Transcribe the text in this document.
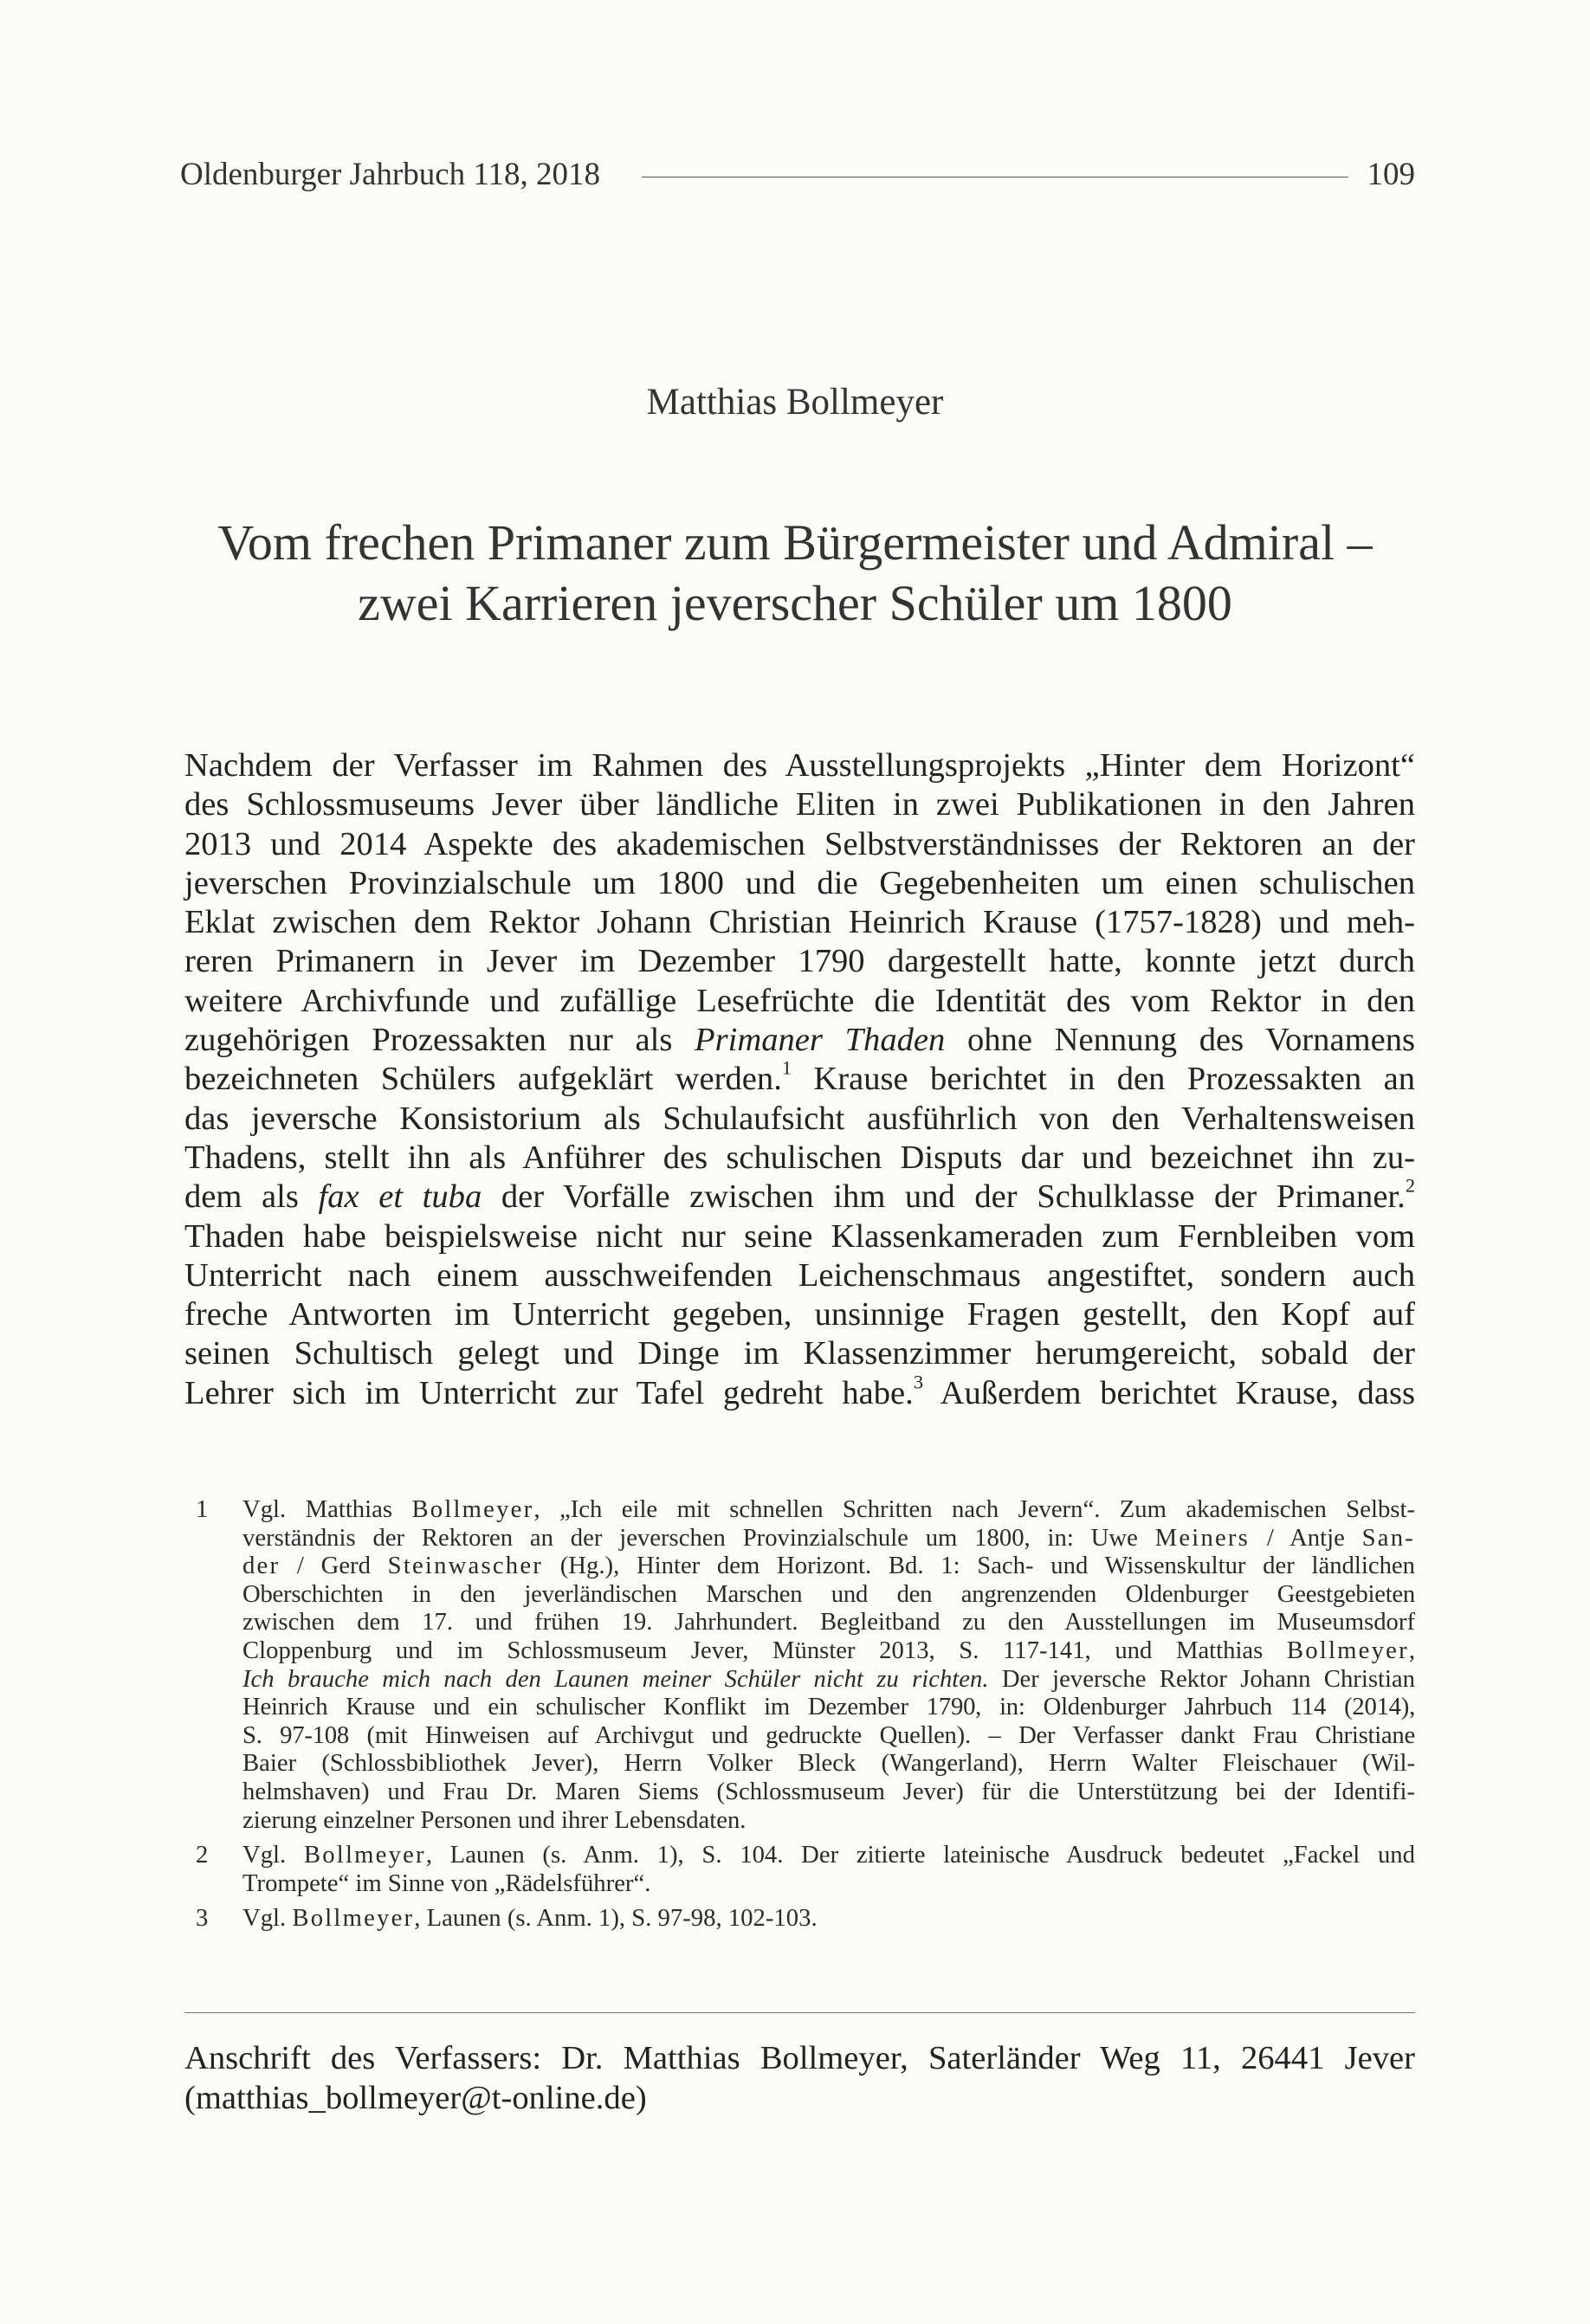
Oldenburger Jahrbuch 118, 2018	109
Matthias Bollmeyer
Vom frechen Primaner zum Bürgermeister und Admiral –
zwei Karrieren jeverscher Schüler um 1800
Nachdem der Verfasser im Rahmen des Ausstellungsprojekts „Hinter dem Horizont“
des Schlossmuseums Jever über ländliche Eliten in zwei Publikationen in den Jahren
2013 und 2014 Aspekte des akademischen Selbstverständnisses der Rektoren an der
jeverschen Provinzialschule um 1800 und die Gegebenheiten um einen schulischen
Eklat zwischen dem Rektor Johann Christian Heinrich Krause (1757-1828) und meh-
reren Primanern in Jever im Dezember 1790 dargestellt hatte, konnte jetzt durch
weitere Archivfunde und zufällige Lesefrüchte die Identität des vom Rektor in den
zugehörigen Prozessakten nur als Primaner Thaden ohne Nennung des Vornamens
bezeichneten Schülers aufgeklärt werden.$^1$ Krause berichtet in den Prozessakten an
das jeversche Konsistorium als Schulaufsicht ausführlich von den Verhaltensweisen
Thadens, stellt ihn als Anführer des schulischen Disputs dar und bezeichnet ihn zu-
dem als fax et tuba der Vorfälle zwischen ihm und der Schulklasse der Primaner.$^2$
Thaden habe beispielsweise nicht nur seine Klassenkameraden zum Fernbleiben vom
Unterricht nach einem ausschweifenden Leichenschmaus angestiftet, sondern auch
freche Antworten im Unterricht gegeben, unsinnige Fragen gestellt, den Kopf auf
seinen Schultisch gelegt und Dinge im Klassenzimmer herumgereicht, sobald der
Lehrer sich im Unterricht zur Tafel gedreht habe.$^3$ Außerdem berichtet Krause, dass
1 Vgl. Matthias Bollmeyer, „Ich eile mit schnellen Schritten nach Jevern“. Zum akademischen Selbst-
verständnis der Rektoren an der jeverschen Provinzialschule um 1800, in: Uwe Meiners / Antje San-
der / Gerd Steinwascher (Hg.), Hinter dem Horizont. Bd. 1: Sach- und Wissenskultur der ländlichen
Oberschichten in den jeverländischen Marschen und den angrenzenden Oldenburger Geestgebieten
zwischen dem 17. und frühen 19. Jahrhundert. Begleitband zu den Ausstellungen im Museumsdorf
Cloppenburg und im Schlossmuseum Jever, Münster 2013, S. 117-141, und Matthias Bollmeyer,
Ich brauche mich nach den Launen meiner Schüler nicht zu richten. Der jeversche Rektor Johann Christian
Heinrich Krause und ein schulischer Konflikt im Dezember 1790, in: Oldenburger Jahrbuch 114 (2014),
S. 97-108 (mit Hinweisen auf Archivgut und gedruckte Quellen). – Der Verfasser dankt Frau Christiane
Baier (Schlossbibliothek Jever), Herrn Volker Bleck (Wangerland), Herrn Walter Fleischauer (Wil-
helmshaven) und Frau Dr. Maren Siems (Schlossmuseum Jever) für die Unterstützung bei der Identifi-
zierung einzelner Personen und ihrer Lebensdaten.
2 Vgl. Bollmeyer, Launen (s. Anm. 1), S. 104. Der zitierte lateinische Ausdruck bedeutet „Fackel und
Trompete“ im Sinne von „Rädelsführer“.
3 Vgl. Bollmeyer, Launen (s. Anm. 1), S. 97-98, 102-103.
Anschrift des Verfassers: Dr. Matthias Bollmeyer, Saterländer Weg 11, 26441 Jever
(matthias_bollmeyer@t-online.de)
